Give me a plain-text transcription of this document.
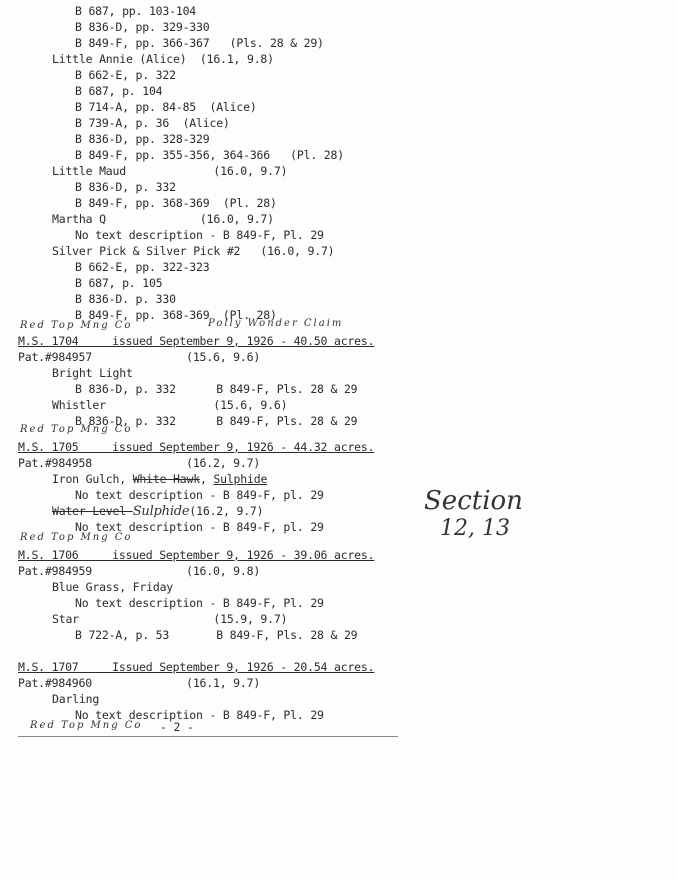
B 687, pp. 103-104
B 836-D, pp. 329-330
B 849-F, pp. 366-367   (Pls. 28 & 29)
Little Annie (Alice)  (16.1, 9.8)
B 662-E, p. 322
B 687, p. 104
B 714-A, pp. 84-85  (Alice)
B 739-A, p. 36  (Alice)
B 836-D, pp. 328-329
B 849-F, pp. 355-356, 364-366   (Pl. 28)
Little Maud             (16.0, 9.7)
B 836-D, p. 332
B 849-F, pp. 368-369  (Pl. 28)
Martha Q              (16.0, 9.7)
No text description - B 849-F, Pl. 29
Silver Pick & Silver Pick #2   (16.0, 9.7)
B 662-E, pp. 322-323
B 687, p. 105
B 836-D. p. 330
B 849-F, pp. 368-369  (Pl. 28)
Red Top Mng Co	Polly Wonder Claim
M.S. 1704     issued September 9, 1926 - 40.50 acres.
Pat.#984957              (15.6, 9.6)
Bright Light
B 836-D, p. 332      B 849-F, Pls. 28 & 29
Whistler                (15.6, 9.6)
B 836-D, p. 332      B 849-F, Pls. 28 & 29
Red Top Mng Co
M.S. 1705     issued September 9, 1926 - 44.32 acres.
Pat.#984958              (16.2, 9.7)
Iron Gulch, White Hawk, Sulphide
No text description - B 849-F, pl. 29
Water Level Sulphide(16.2, 9.7)
No text description - B 849-F, pl. 29
Section
12, 13
Red Top Mng Co
M.S. 1706     issued September 9, 1926 - 39.06 acres.
Pat.#984959              (16.0, 9.8)
Blue Grass, Friday
No text description - B 849-F, Pl. 29
Star                    (15.9, 9.7)
B 722-A, p. 53       B 849-F, Pls. 28 & 29
M.S. 1707     Issued September 9, 1926 - 20.54 acres.
Pat.#984960              (16.1, 9.7)
Darling
No text description - B 849-F, Pl. 29
Red Top Mng Co - 2 -
